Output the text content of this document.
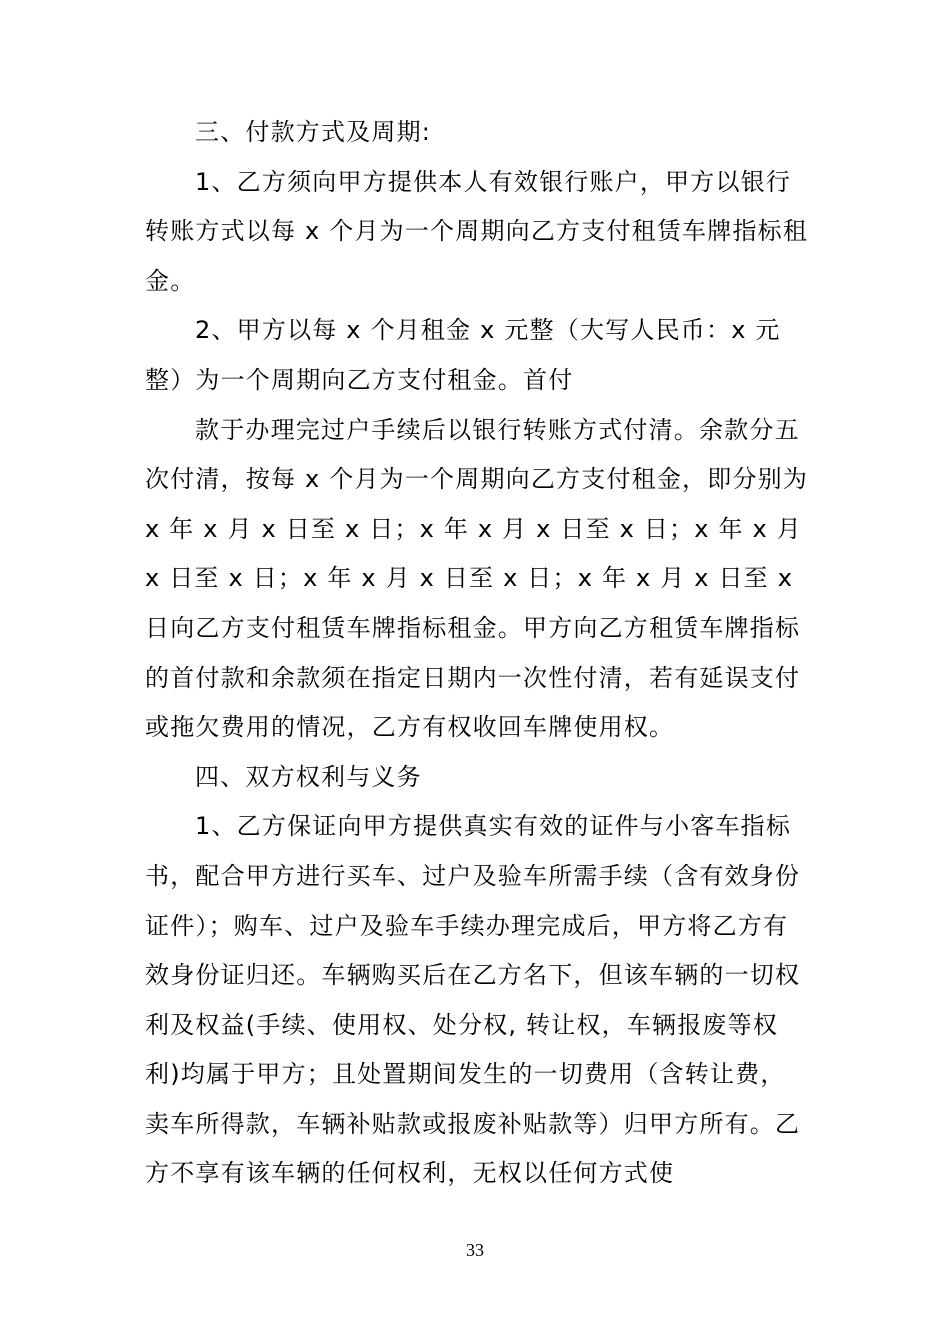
三、付款方式及周期:

1、乙方须向甲方提供本人有效银行账户，甲方以银行转账方式以每 x 个月为一个周期向乙方支付租赁车牌指标租金。

2、甲方以每 x 个月租金 x 元整（大写人民币：x 元整）为一个周期向乙方支付租金。首付

款于办理完过户手续后以银行转账方式付清。余款分五次付清，按每 x 个月为一个周期向乙方支付租金，即分别为 x 年 x 月 x 日至 x 日；x 年 x 月 x 日至 x 日；x 年 x 月 x 日至 x 日；x 年 x 月 x 日至 x 日；x 年 x 月 x 日至 x 日向乙方支付租赁车牌指标租金。甲方向乙方租赁车牌指标的首付款和余款须在指定日期内一次性付清，若有延误支付或拖欠费用的情况，乙方有权收回车牌使用权。

四、双方权利与义务

1、乙方保证向甲方提供真实有效的证件与小客车指标书，配合甲方进行买车、过户及验车所需手续（含有效身份证件）；购车、过户及验车手续办理完成后，甲方将乙方有效身份证归还。车辆购买后在乙方名下，但该车辆的一切权利及权益(手续、使用权、处分权, 转让权，车辆报废等权利)均属于甲方；且处置期间发生的一切费用（含转让费，卖车所得款，车辆补贴款或报废补贴款等）归甲方所有。乙方不享有该车辆的任何权利，无权以任何方式使

33
